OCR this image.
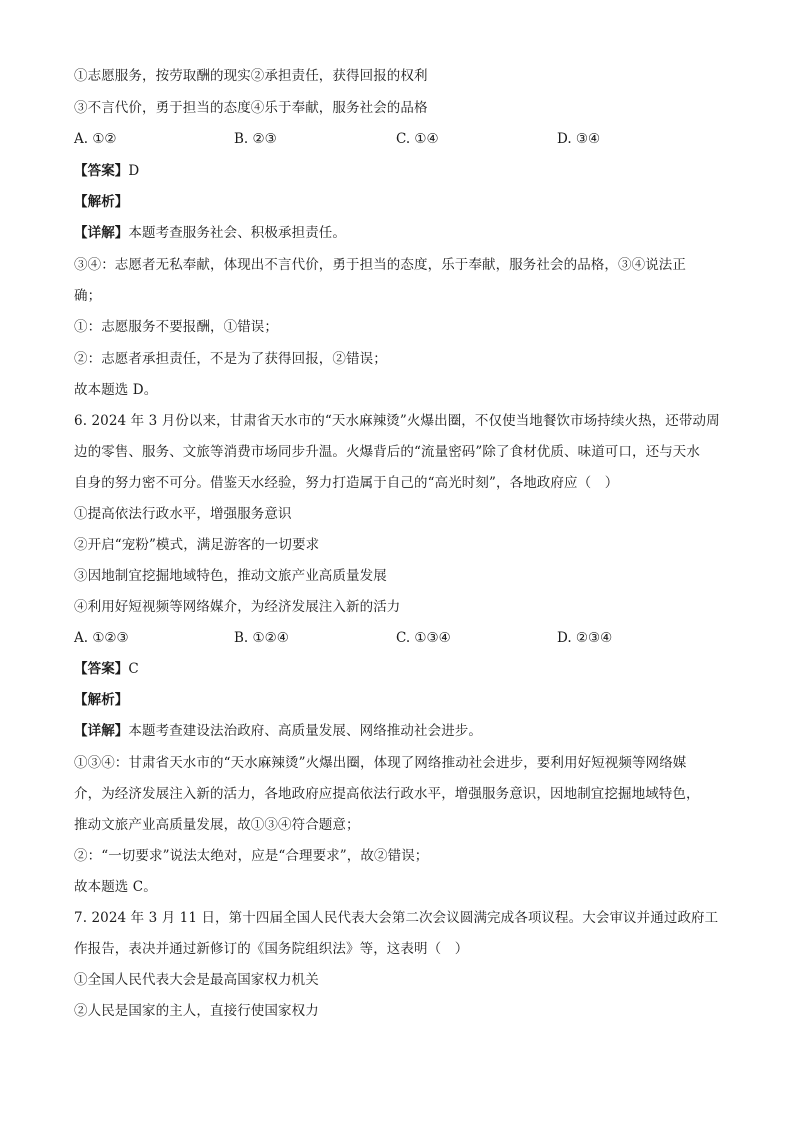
①志愿服务，按劳取酬的现实②承担责任，获得回报的权利
③不言代价，勇于担当的态度④乐于奉献，服务社会的品格
A. ①②	B. ②③	C. ①④	D. ③④
【答案】D
【解析】
【详解】本题考查服务社会、积极承担责任。
③④：志愿者无私奉献，体现出不言代价，勇于担当的态度，乐于奉献，服务社会的品格，③④说法正
确；
①：志愿服务不要报酬，①错误；
②：志愿者承担责任，不是为了获得回报，②错误；
故本题选 D。
6. 2024 年 3 月份以来，甘肃省天水市的“天水麻辣烫”火爆出圈，不仅使当地餐饮市场持续火热，还带动周
边的零售、服务、文旅等消费市场同步升温。火爆背后的“流量密码”除了食材优质、味道可口，还与天水
自身的努力密不可分。借鉴天水经验，努力打造属于自己的“高光时刻”，各地政府应（　）
①提高依法行政水平，增强服务意识
②开启“宠粉”模式，满足游客的一切要求
③因地制宜挖掘地域特色，推动文旅产业高质量发展
④利用好短视频等网络媒介，为经济发展注入新的活力
A. ①②③	B. ①②④	C. ①③④	D. ②③④
【答案】C
【解析】
【详解】本题考查建设法治政府、高质量发展、网络推动社会进步。
①③④：甘肃省天水市的“天水麻辣烫”火爆出圈，体现了网络推动社会进步，要利用好短视频等网络媒
介，为经济发展注入新的活力，各地政府应提高依法行政水平，增强服务意识，因地制宜挖掘地域特色，
推动文旅产业高质量发展，故①③④符合题意；
②：“一切要求”说法太绝对，应是“合理要求”，故②错误；
故本题选 C。
7. 2024 年 3 月 11 日，第十四届全国人民代表大会第二次会议圆满完成各项议程。大会审议并通过政府工
作报告，表决并通过新修订的《国务院组织法》等，这表明（　）
①全国人民代表大会是最高国家权力机关
②人民是国家的主人，直接行使国家权力
